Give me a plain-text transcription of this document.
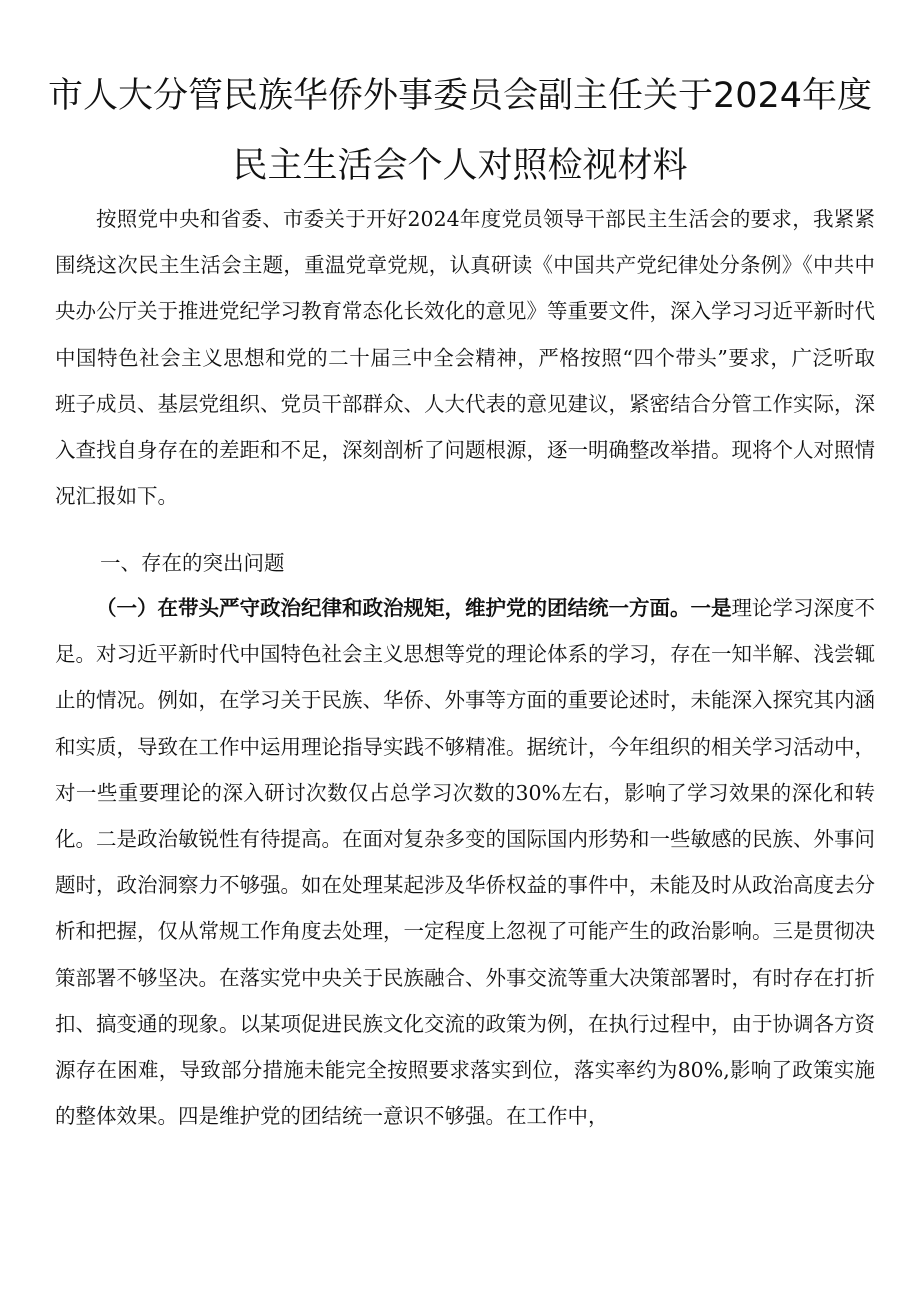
市人大分管民族华侨外事委员会副主任关于2024年度
民主生活会个人对照检视材料
按照党中央和省委、市委关于开好2024年度党员领导干部民主生活会的要求，我紧紧围绕这次民主生活会主题，重温党章党规，认真研读《中国共产党纪律处分条例》《中共中央办公厅关于推进党纪学习教育常态化长效化的意见》等重要文件，深入学习习近平新时代中国特色社会主义思想和党的二十届三中全会精神，严格按照“四个带头”要求，广泛听取班子成员、基层党组织、党员干部群众、人大代表的意见建议，紧密结合分管工作实际，深入查找自身存在的差距和不足，深刻剖析了问题根源，逐一明确整改举措。现将个人对照情况汇报如下。
一、存在的突出问题
（一）在带头严守政治纪律和政治规矩，维护党的团结统一方面。一是理论学习深度不足。对习近平新时代中国特色社会主义思想等党的理论体系的学习，存在一知半解、浅尝辄止的情况。例如，在学习关于民族、华侨、外事等方面的重要论述时，未能深入探究其内涵和实质，导致在工作中运用理论指导实践不够精准。据统计，今年组织的相关学习活动中，对一些重要理论的深入研讨次数仅占总学习次数的30%左右，影响了学习效果的深化和转化。二是政治敏锐性有待提高。在面对复杂多变的国际国内形势和一些敏感的民族、外事问题时，政治洞察力不够强。如在处理某起涉及华侨权益的事件中，未能及时从政治高度去分析和把握，仅从常规工作角度去处理，一定程度上忽视了可能产生的政治影响。三是贯彻决策部署不够坚决。在落实党中央关于民族融合、外事交流等重大决策部署时，有时存在打折扣、搞变通的现象。以某项促进民族文化交流的政策为例，在执行过程中，由于协调各方资源存在困难，导致部分措施未能完全按照要求落实到位，落实率约为80%,影响了政策实施的整体效果。四是维护党的团结统一意识不够强。在工作中，
